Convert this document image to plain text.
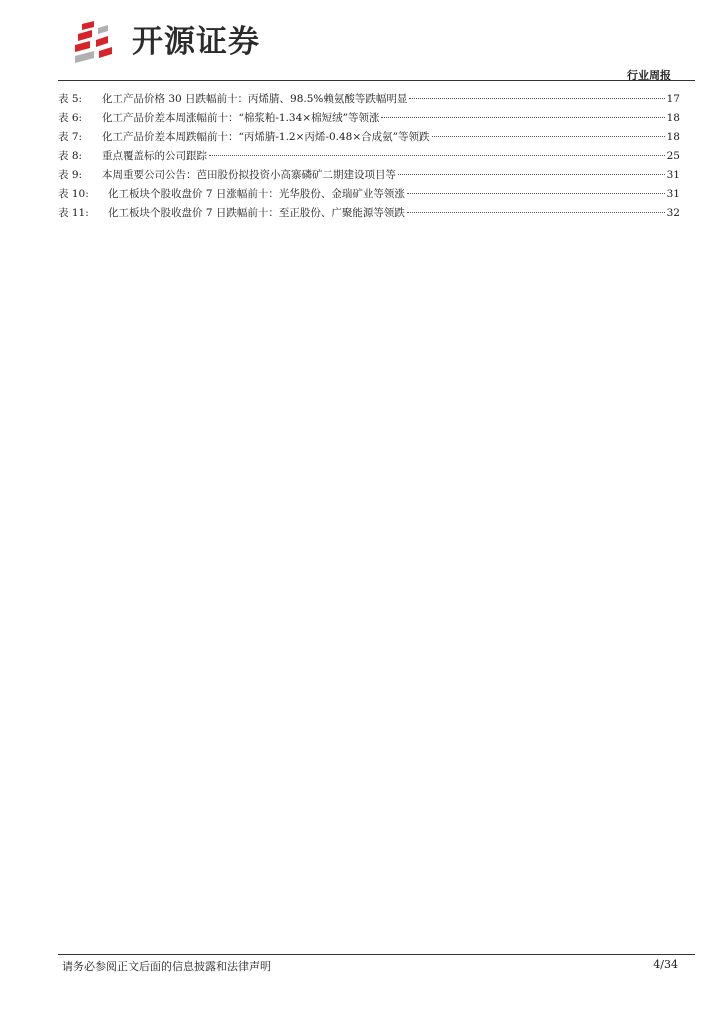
开源证券
行业周报
表 5:	化工产品价格 30 日跌幅前十：丙烯腈、98.5%赖氨酸等跌幅明显	17
表 6:	化工产品价差本周涨幅前十：“棉浆粕-1.34×棉短绒”等领涨	18
表 7:	化工产品价差本周跌幅前十：“丙烯腈-1.2×丙烯-0.48×合成氨”等领跌	18
表 8:	重点覆盖标的公司跟踪	25
表 9:	本周重要公司公告：芭田股份拟投资小高寨磷矿二期建设项目等	31
表 10:	化工板块个股收盘价 7 日涨幅前十：光华股份、金瑞矿业等领涨	31
表 11:	化工板块个股收盘价 7 日跌幅前十：至正股份、广聚能源等领跌	32
请务必参阅正文后面的信息披露和法律声明	4/34
